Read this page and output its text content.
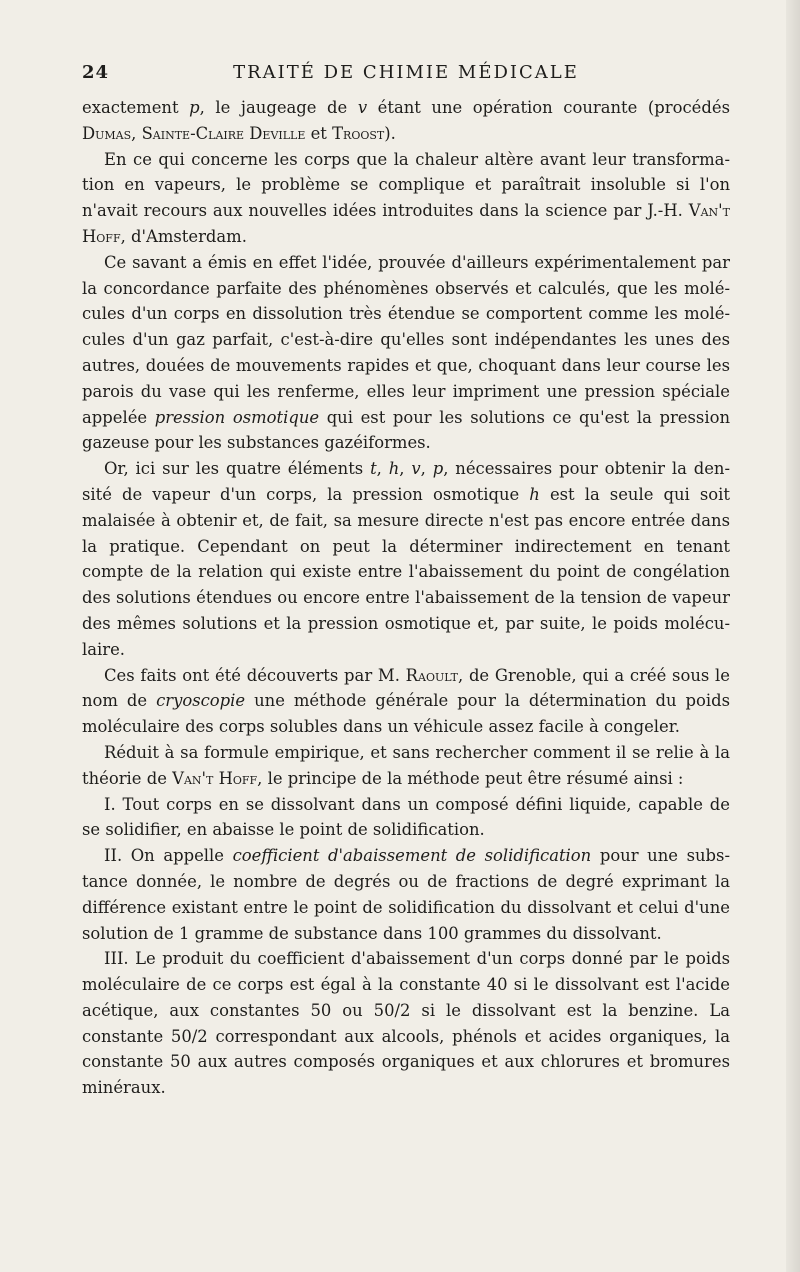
24	TRAITÉ DE CHIMIE MÉDICALE

exactement p, le jaugeage de v étant une opération courante (procédés Dumas, Sainte-Claire Deville et Troost).

En ce qui concerne les corps que la chaleur altère avant leur transformation en vapeurs, le problème se complique et paraîtrait insoluble si l'on n'avait recours aux nouvelles idées introduites dans la science par J.-H. Van't Hoff, d'Amsterdam.

Ce savant a émis en effet l'idée, prouvée d'ailleurs expérimentalement par la concordance parfaite des phénomènes observés et calculés, que les molécules d'un corps en dissolution très étendue se comportent comme les molécules d'un gaz parfait, c'est-à-dire qu'elles sont indépendantes les unes des autres, douées de mouvements rapides et que, choquant dans leur course les parois du vase qui les renferme, elles leur impriment une pression spéciale appelée pression osmotique qui est pour les solutions ce qu'est la pression gazeuse pour les substances gazéiformes.

Or, ici sur les quatre éléments t, h, v, p, nécessaires pour obtenir la densité de vapeur d'un corps, la pression osmotique h est la seule qui soit malaisée à obtenir et, de fait, sa mesure directe n'est pas encore entrée dans la pratique. Cependant on peut la déterminer indirectement en tenant compte de la relation qui existe entre l'abaissement du point de congélation des solutions étendues ou encore entre l'abaissement de la tension de vapeur des mêmes solutions et la pression osmotique et, par suite, le poids moléculaire.

Ces faits ont été découverts par M. Raoult, de Grenoble, qui a créé sous le nom de cryoscopie une méthode générale pour la détermination du poids moléculaire des corps solubles dans un véhicule assez facile à congeler.

Réduit à sa formule empirique, et sans rechercher comment il se relie à la théorie de Van't Hoff, le principe de la méthode peut être résumé ainsi :

I. Tout corps en se dissolvant dans un composé défini liquide, capable de se solidifier, en abaisse le point de solidification.

II. On appelle coefficient d'abaissement de solidification pour une substance donnée, le nombre de degrés ou de fractions de degré exprimant la différence existant entre le point de solidification du dissolvant et celui d'une solution de 1 gramme de substance dans 100 grammes du dissolvant.

III. Le produit du coefficient d'abaissement d'un corps donné par le poids moléculaire de ce corps est égal à la constante 40 si le dissolvant est l'acide acétique, aux constantes 50 ou 50/2 si le dissolvant est la benzine. La constante 50/2 correspondant aux alcools, phénols et acides organiques, la constante 50 aux autres composés organiques et aux chlorures et bromures minéraux.
